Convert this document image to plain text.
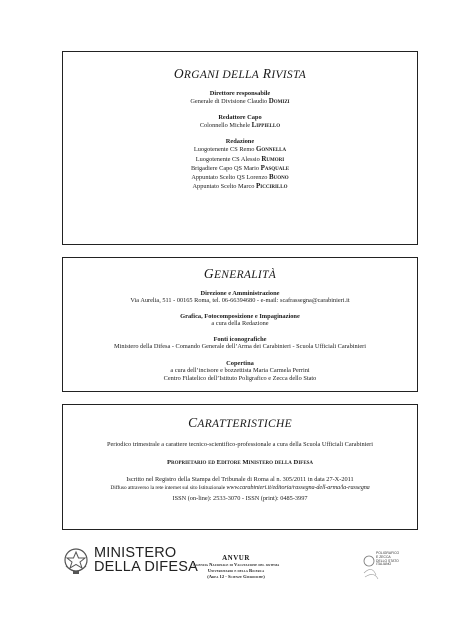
ORGANI DELLA RIVISTA
Direttore responsabile
Generale di Divisione Claudio Domizi
Redattore Capo
Colonnello Michele Lippiello
Redazione
Luogotenente CS Remo Gonnella
Luogotenente CS Alessio Rumori
Brigadiere Capo QS Mario Pasquale
Appuntato Scelto QS Lorenzo Buono
Appuntato Scelto Marco Piccirillo
GENERALITÀ
Direzione e Amministrazione
Via Aurelia, 511 - 00165 Roma, tel. 06-66394680 - e-mail: scafrassegna@carabinieri.it
Grafica, Fotocomposizione e Impaginazione
a cura della Redazione
Fonti iconografiche
Ministero della Difesa - Comando Generale dell’Arma dei Carabinieri - Scuola Ufficiali Carabinieri
Copertina
a cura dell’incisore e bozzettista Maria Carmela Perrini
Centro Filatelico dell’Istituto Poligrafico e Zecca dello Stato
CARATTERISTICHE
Periodico trimestrale a carattere tecnico-scientifico-professionale a cura della Scuola Ufficiali Carabinieri
Proprietario ed Editore Ministero della Difesa
Iscritto nel Registro della Stampa del Tribunale di Roma al n. 305/2011 in data 27-X-2011
Diffuso attraverso la rete internet sul sito Istituzionale www.carabinieri.it/editoria/rassegna-dell-arma/la-rassegna
ISSN (on-line): 2533-3070 - ISSN (print): 0485-3997
MINISTERO
DELLA DIFESA
ANVUR
Agenzia Nazionale di Valutazione del sistema
Universitario e della Ricerca
(Area 12 - Scienze Giuridiche)
POLIGRAFICO
E ZECCA
DELLO STATO
ITALIANO
